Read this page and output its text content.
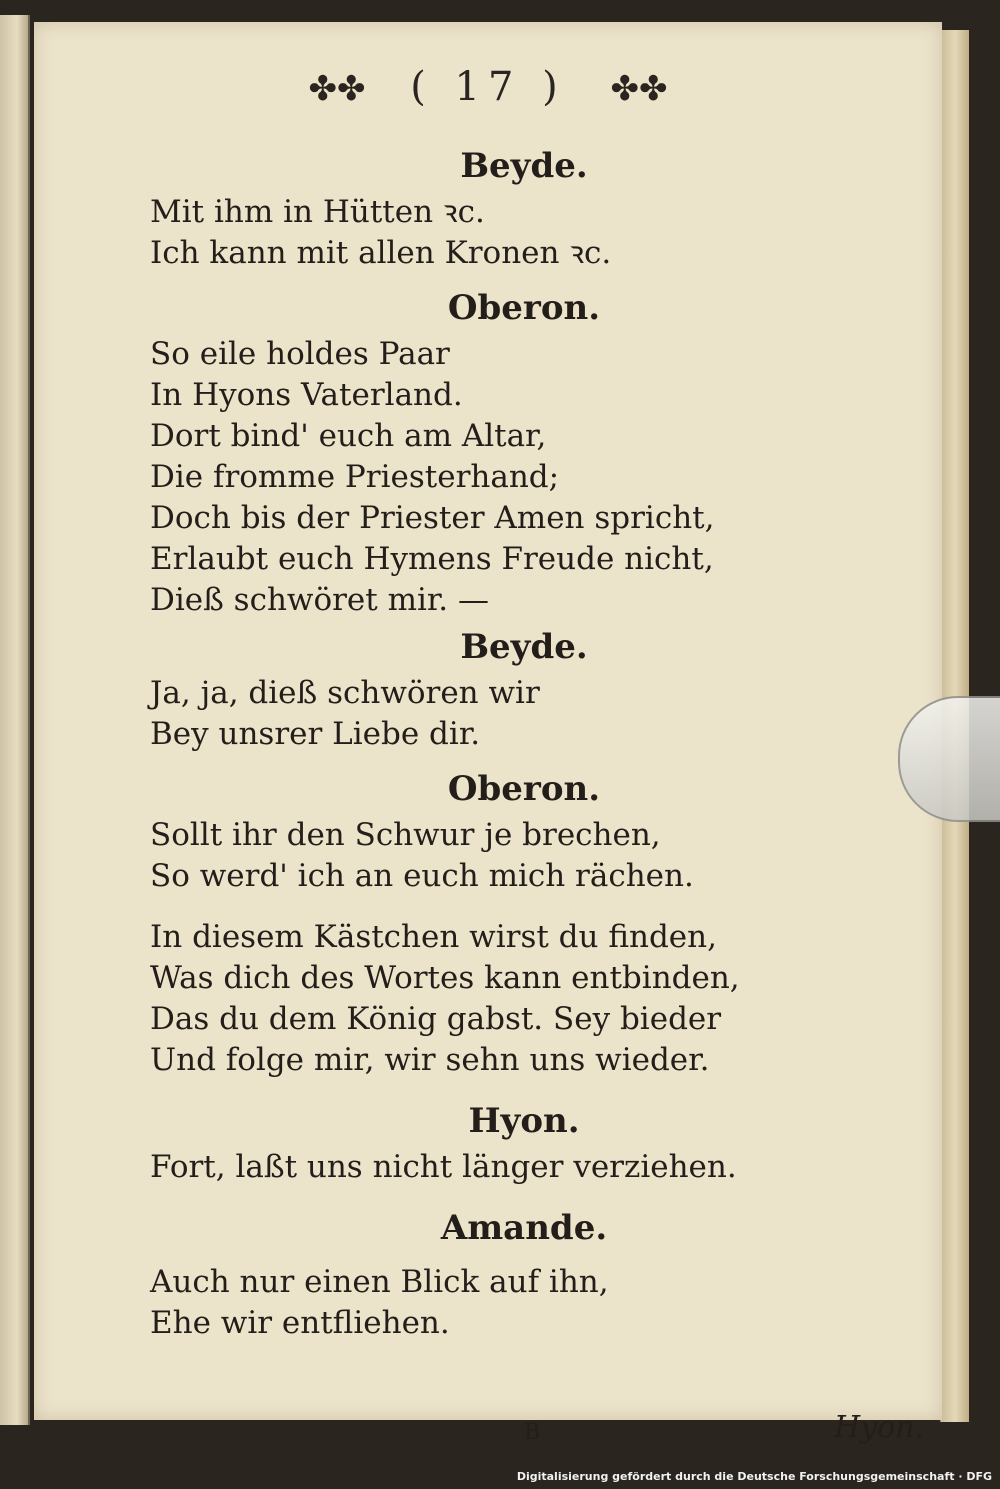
✤✤ ( 17 ) ✤✤

Beyde.

Mit ihm in Hütten ꝛc.

Ich kann mit allen Kronen ꝛc.

Oberon.

So eile holdes Paar

In Hyons Vaterland.

Dort bind' euch am Altar,

Die fromme Priesterhand;

Doch bis der Priester Amen spricht,

Erlaubt euch Hymens Freude nicht,

Dieß schwöret mir. —

Beyde.

Ja, ja, dieß schwören wir

Bey unsrer Liebe dir.

Oberon.

Sollt ihr den Schwur je brechen,

So werd' ich an euch mich rächen.

In diesem Kästchen wirst du finden,

Was dich des Wortes kann entbinden,

Das du dem König gabst. Sey bieder

Und folge mir, wir sehn uns wieder.

Hyon.

Fort, laßt uns nicht länger verziehen.

Amande.

Auch nur einen Blick auf ihn,

Ehe wir entfliehen.

B	Hyon.
Digitalisierung gefördert durch die Deutsche Forschungsgemeinschaft · DFG
